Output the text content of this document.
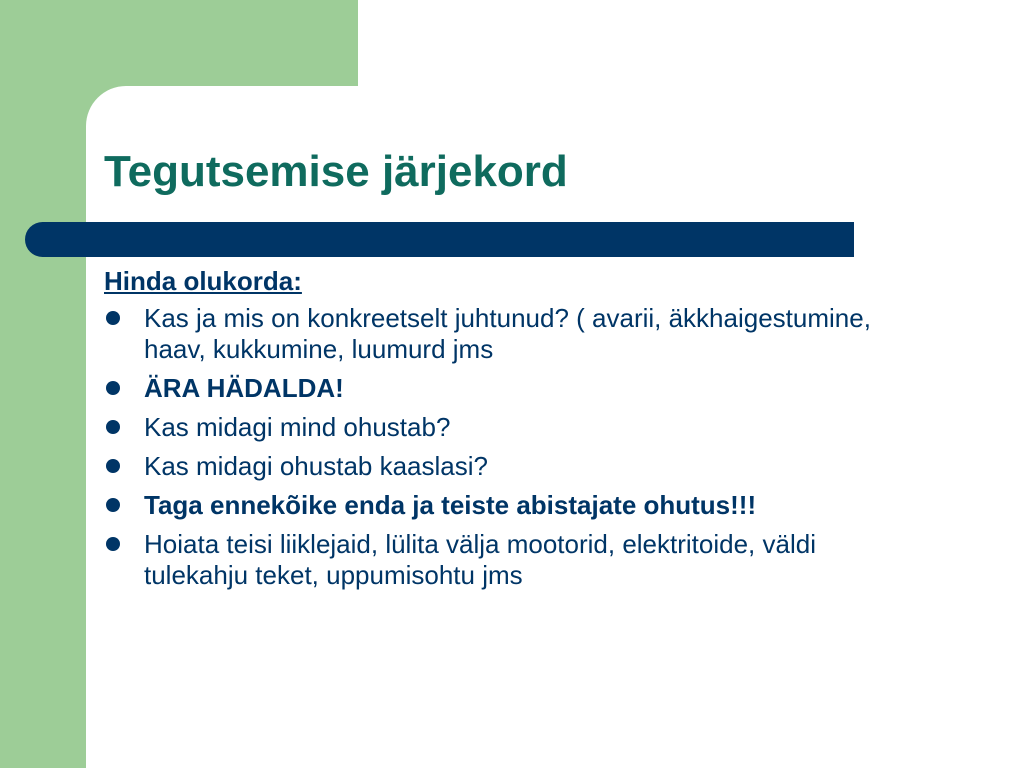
Tegutsemise järjekord
Hinda olukorda:
Kas ja mis on konkreetselt juhtunud? ( avarii, äkkhaigestumine, haav, kukkumine, luumurd jms
ÄRA HÄDALDA!
Kas midagi mind ohustab?
Kas midagi ohustab kaaslasi?
Taga ennekõike enda ja teiste abistajate ohutus!!!
Hoiata teisi liiklejaid, lülita välja mootorid, elektritoide, väldi tulekahju teket, uppumisohtu jms
